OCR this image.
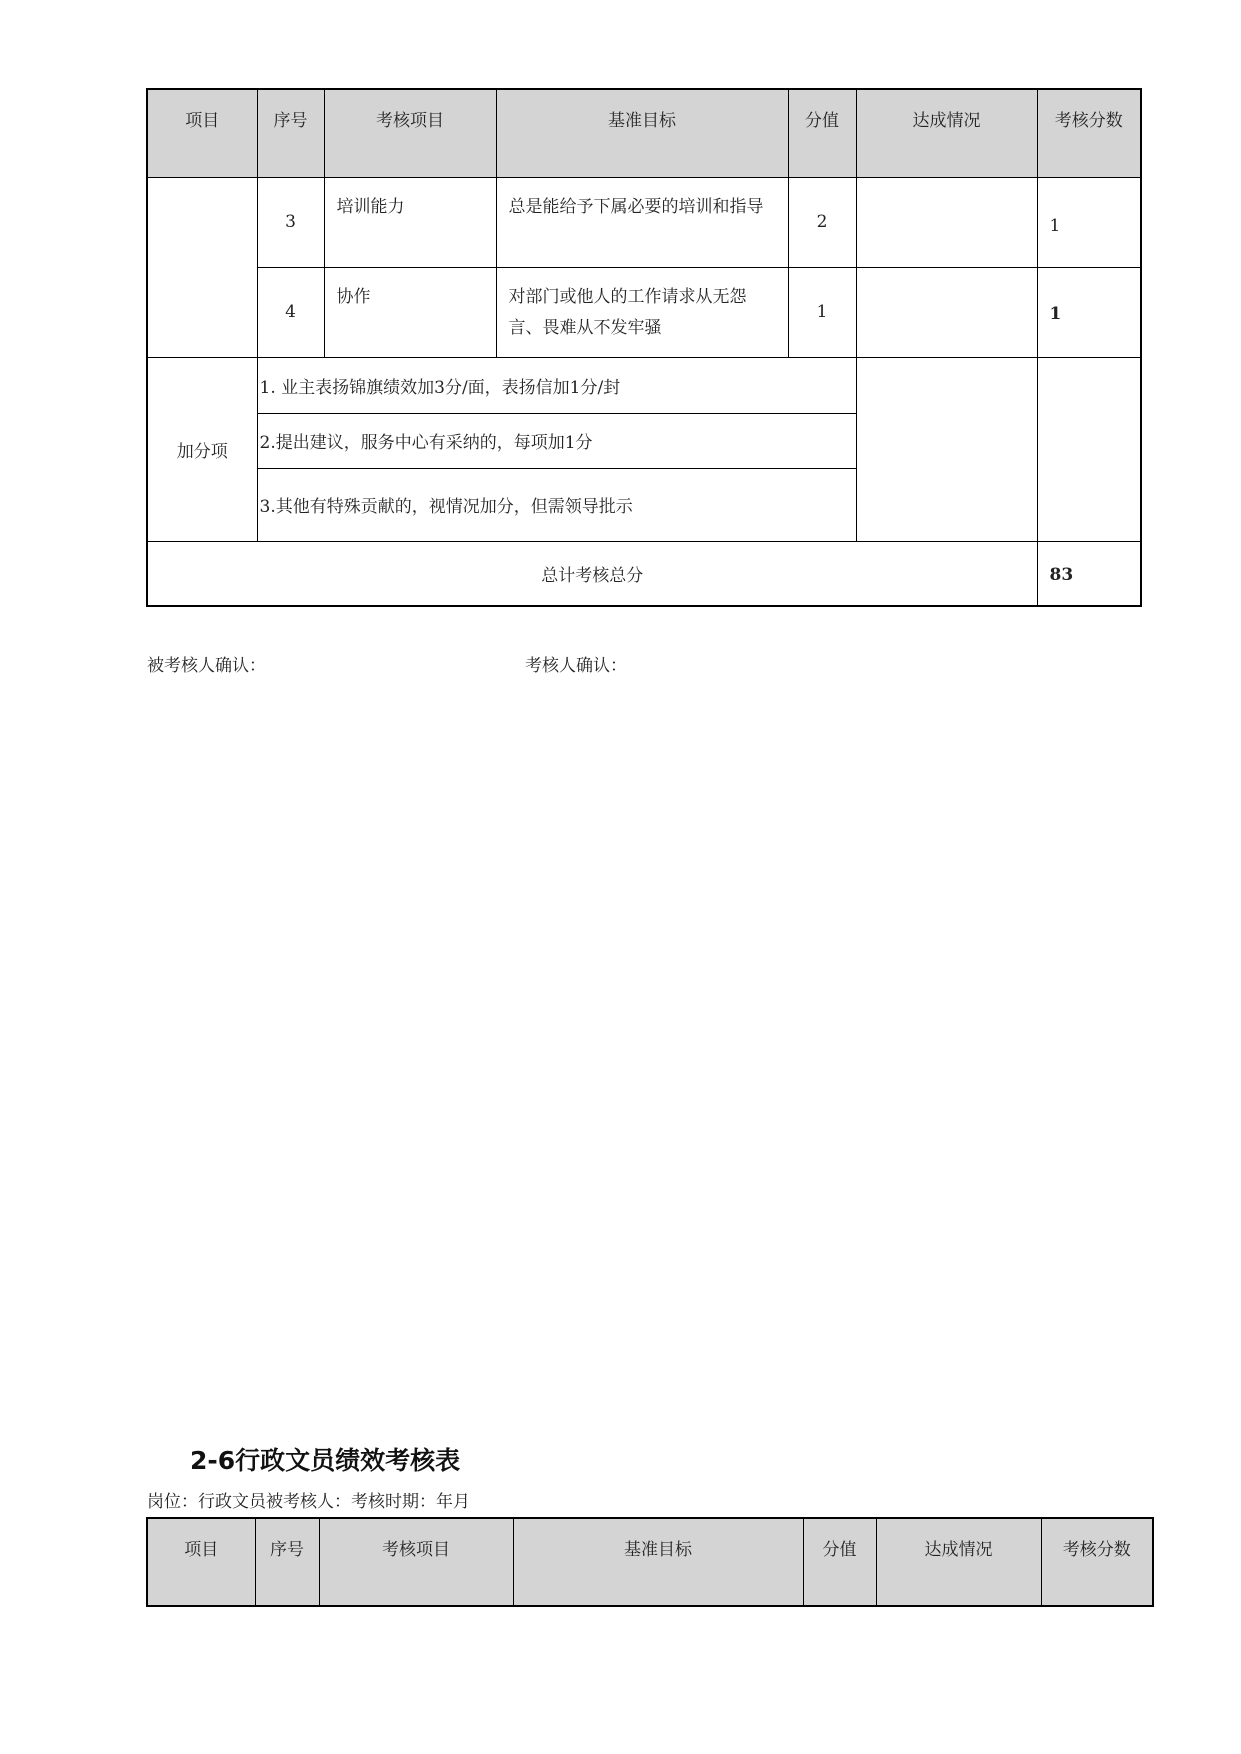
项目	序号	考核项目	基准目标	分值	达成情况	考核分数
	3	培训能力	总是能给予下属必要的培训和指导	2		1
	4	协作	对部门或他人的工作请求从无怨言、畏难从不发牢骚	1		1
加分项	1. 业主表扬锦旗绩效加3分/面，表扬信加1分/封					
	2.提出建议，服务中心有采纳的，每项加1分					
	3.其他有特殊贡献的，视情况加分，但需领导批示					
总计考核总分						83
被考核人确认：	考核人确认：
2-6行政文员绩效考核表
岗位：行政文员被考核人：考核时期：年月
项目	序号	考核项目	基准目标	分值	达成情况	考核分数
